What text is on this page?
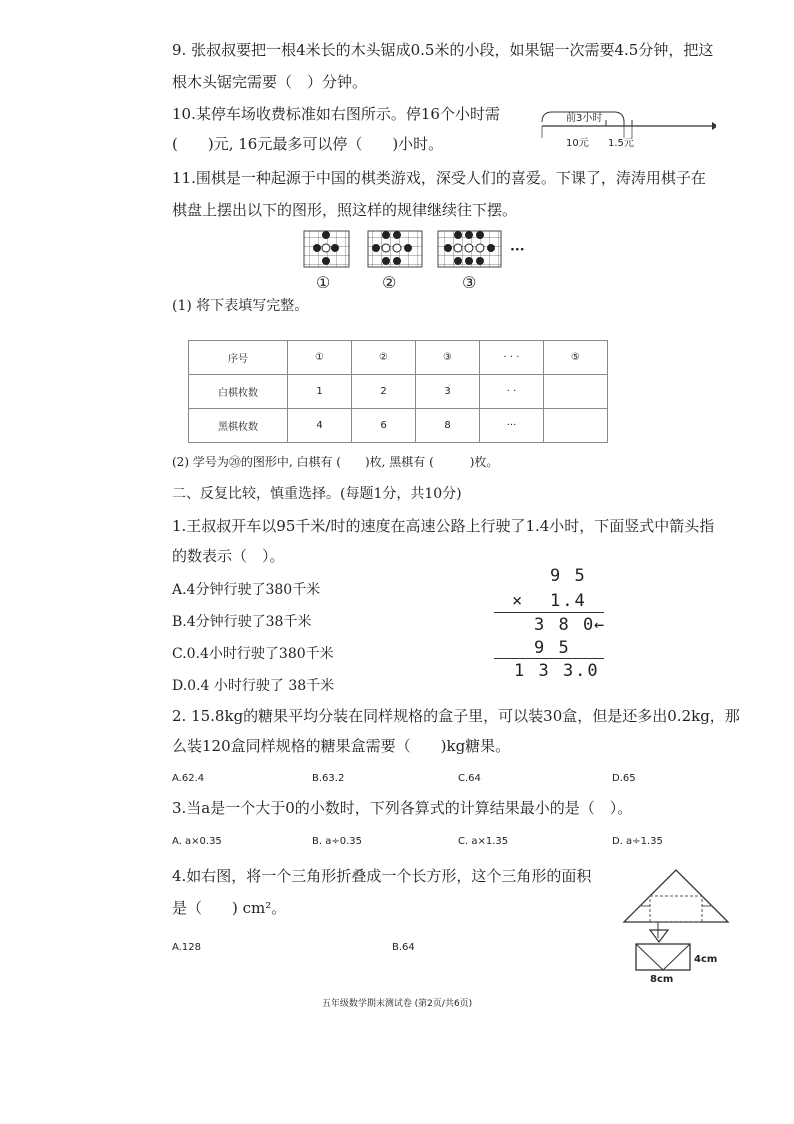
9. 张叔叔要把一根4米长的木头锯成0.5米的小段，如果锯一次需要4.5分钟，把这
根木头锯完需要（　）分钟。
10.某停车场收费标准如右图所示。停16个小时需
(　　)元, 16元最多可以停（　　)小时。
前3小时
10元 1.5元
11.围棋是一种起源于中国的棋类游戏，深受人们的喜爱。下课了，涛涛用棋子在
棋盘上摆出以下的图形，照这样的规律继续往下摆。
···
①	②	③
(1) 将下表填写完整。
序号	①	②	③	· · ·	⑤
白棋枚数	1	2	3	· ·	
黑棋枚数	4	6	8	···	
(2) 学号为⑳的图形中, 白棋有 (　　)枚, 黑棋有 (　　　)枚。
二、反复比较，慎重选择。(每题1分，共10分)
1.王叔叔开车以95千米/时的速度在高速公路上行驶了1.4小时，下面竖式中箭头指
的数表示（　）。
A.4分钟行驶了380千米
B.4分钟行驶了38千米
C.0.4小时行驶了380千米
D.0.4 小时行驶了 38千米
9 5
× 1.4
3 8 0
←
9 5
1 3 3.0
2. 15.8kg的糖果平均分装在同样规格的盒子里，可以装30盒，但是还多出0.2kg，那
么装120盒同样规格的糖果盒需要（　　)kg糖果。
A.62.4	B.63.2	C.64	D.65
3.当a是一个大于0的小数时，下列各算式的计算结果最小的是（　）。
A. a×0.35	B. a÷0.35	C. a×1.35	D. a÷1.35
4.如右图，将一个三角形折叠成一个长方形，这个三角形的面积
是（　　) cm²。
A.128	B.64
4cm
8cm
五年级数学期末测试卷 (第2页/共6页)
